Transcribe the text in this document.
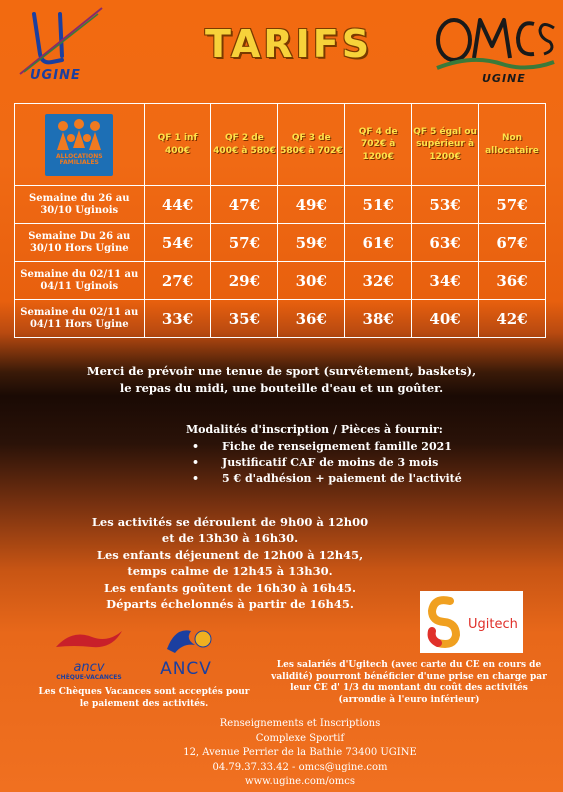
UGINE
TARIFS
UGINE
ALLOCATIONS FAMILIALES	QF 1 inf 400€	QF 2 de 400€ à 580€	QF 3 de 580€ à 702€	QF 4 de 702€ à 1200€	QF 5 égal ou supérieur à 1200€	Non allocataire
Semaine du 26 au 30/10 Uginois	44€	47€	49€	51€	53€	57€
Semaine Du 26 au 30/10 Hors Ugine	54€	57€	59€	61€	63€	67€
Semaine du 02/11 au 04/11 Uginois	27€	29€	30€	32€	34€	36€
Semaine du 02/11 au 04/11 Hors Ugine	33€	35€	36€	38€	40€	42€
Merci de prévoir une tenue de sport (survêtement, baskets),
le repas du midi, une bouteille d'eau et un goûter.
Modalités d'inscription / Pièces à fournir:
• Fiche de renseignement famille 2021
• Justificatif CAF de moins de 3 mois
• 5 € d'adhésion + paiement de l'activité
Les activités se déroulent de 9h00 à 12h00
et de 13h30 à 16h30.
Les enfants déjeunent de 12h00 à 12h45,
temps calme de 12h45 à 13h30.
Les enfants goûtent de 16h30 à 16h45.
Départs échelonnés à partir de 16h45.
ancv
CHÈQUE-VACANCES	ANCV
Les Chèques Vacances sont acceptés pour le paiement des activités.
Ugitech
Les salariés d'Ugitech (avec carte du CE en cours de validité) pourront bénéficier d'une prise en charge par leur CE d' 1/3 du montant du coût des activités (arrondie à l'euro inférieur)
Renseignements et Inscriptions
Complexe Sportif
12, Avenue Perrier de la Bathie 73400 UGINE
04.79.37.33.42 - omcs@ugine.com
www.ugine.com/omcs
